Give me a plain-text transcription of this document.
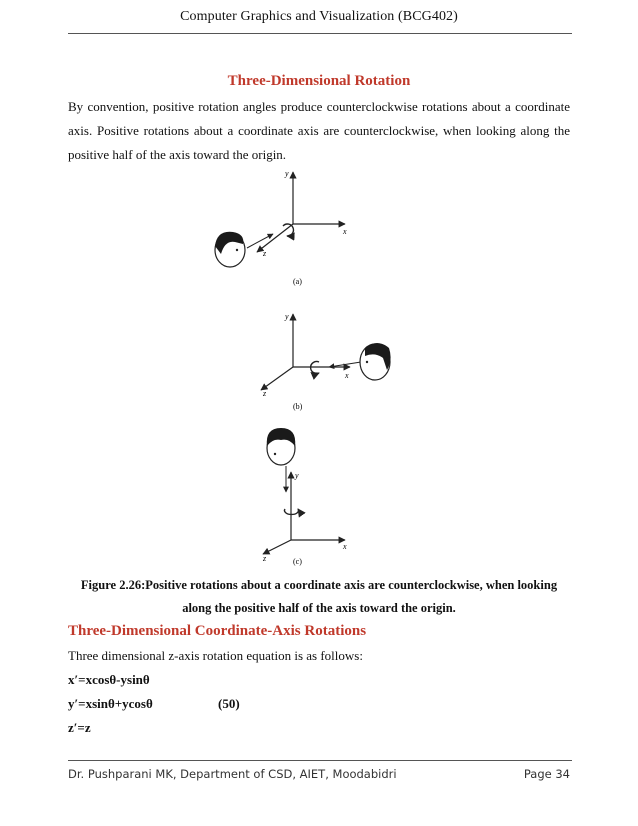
Computer Graphics and Visualization (BCG402)
Three-Dimensional Rotation
By convention, positive rotation angles produce counterclockwise rotations about a coordinate axis. Positive rotations about a coordinate axis are counterclockwise, when looking along the positive half of the axis toward the origin.
y
x
z
(a)
y
x
z
(b)
y
x
z	(c)
Figure 2.26:Positive rotations about a coordinate axis are counterclockwise, when looking
along the positive half of the axis toward the origin.
Three-Dimensional Coordinate-Axis Rotations
Three dimensional z-axis rotation equation is as follows:
x′=xcosθ-ysinθ
y′=xsinθ+ycosθ	(50)
z′=z
Dr. Pushparani MK, Department of CSD, AIET, Moodabidri	Page 34
